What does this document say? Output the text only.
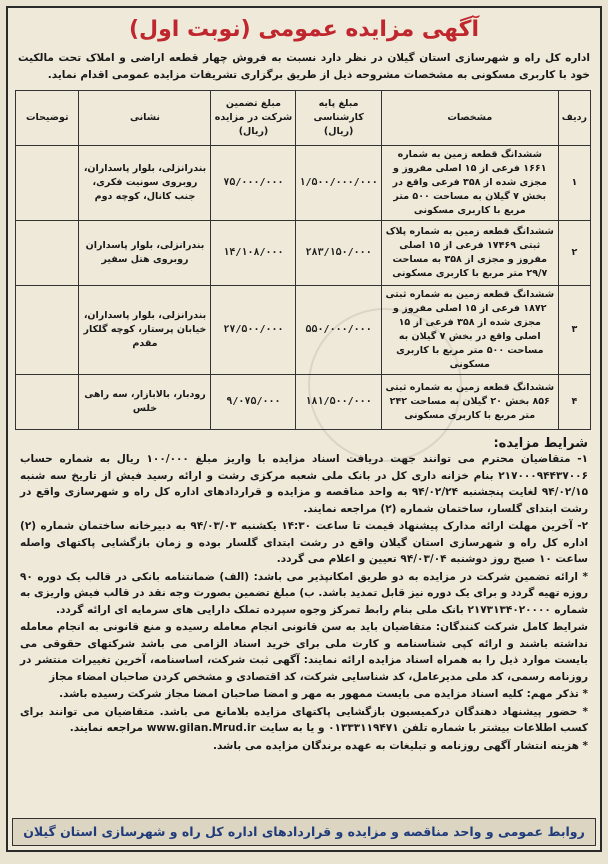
آگهی مزایده عمومی (نوبت اول)
اداره کل راه و شهرسازی استان گیلان در نظر دارد نسبت به فروش چهار قطعه اراضی و املاک تحت مالکیت خود با کاربری مسکونی به مشخصات مشروحه ذیل از طریق برگزاری تشریفات مزایده عمومی اقدام نماید.
ردیف	مشخصات	مبلغ پایه کارشناسی (ریال)	مبلغ تضمین شرکت در مزایده (ریال)	نشانی	توضیحات
۱	ششدانگ قطعه زمین به شماره ۱۶۶۱ فرعی از ۱۵ اصلی مفروز و مجزی شده از ۳۵۸ فرعی واقع در بخش ۷ گیلان به مساحت ۵۰۰ متر مربع با کاربری مسکونی	۱/۵۰۰/۰۰۰/۰۰۰	۷۵/۰۰۰/۰۰۰	بندرانزلی، بلوار پاسداران، روبروی سونیت فکری، جنب کانال، کوچه دوم	
۲	ششدانگ قطعه زمین به شماره پلاک ثبتی ۱۷۴۶۹ فرعی از ۱۵ اصلی مفروز و مجزی از ۳۵۸ به مساحت ۲۹/۷ متر مربع با کاربری مسکونی	۲۸۳/۱۵۰/۰۰۰	۱۴/۱۰۸/۰۰۰	بندرانزلی، بلوار پاسداران روبروی هتل سفیر	
۳	ششدانگ قطعه زمین به شماره ثبتی ۱۸۷۲ فرعی از ۱۵ اصلی مفروز و مجزی شده از ۳۵۸ فرعی از ۱۵ اصلی واقع در بخش ۷ گیلان به مساحت ۵۰۰ متر مربع با کاربری مسکونی	۵۵۰/۰۰۰/۰۰۰	۲۷/۵۰۰/۰۰۰	بندرانزلی، بلوار پاسداران، خیابان پرستار، کوچه گلکار مقدم	
۴	ششدانگ قطعه زمین به شماره ثبتی ۸۵۶ بخش ۲۰ گیلان به مساحت ۲۴۲ متر مربع با کاربری مسکونی	۱۸۱/۵۰۰/۰۰۰	۹/۰۷۵/۰۰۰	رودبار، بالابازار، سه راهی خلس	
شرایط مزایده:

۱- متقاضیان محترم می توانند جهت دریافت اسناد مزایده با واریز مبلغ ۱۰۰/۰۰۰ ریال به شماره حساب ۲۱۷۰۰۰۹۴۴۳۷۰۰۶ بنام خزانه داری کل در بانک ملی شعبه مرکزی رشت و ارائه رسید فیش از تاریخ سه شنبه ۹۴/۰۲/۱۵ لغایت پنجشنبه ۹۴/۰۲/۲۴ به واحد مناقصه و مزایده و قراردادهای اداره کل راه و شهرسازی واقع در رشت ابتدای گلسار، ساختمان شماره (۲) مراجعه نمایند.

۲- آخرین مهلت ارائه مدارک پیشنهاد قیمت تا ساعت ۱۴:۳۰ یکشنبه ۹۴/۰۳/۰۳ به دبیرخانه ساختمان شماره (۲) اداره کل راه و شهرسازی استان گیلان واقع در رشت ابتدای گلسار بوده و زمان بازگشایی پاکتهای واصله ساعت ۱۰ صبح روز دوشنبه ۹۴/۰۳/۰۴ تعیین و اعلام می گردد.

* ارائه تضمین شرکت در مزایده به دو طریق امکانپذیر می باشد: (الف) ضمانتنامه بانکی در قالب یک دوره ۹۰ روزه تهیه گردد و برای یک دوره نیز قابل تمدید باشد. ب) مبلغ تضمین بصورت وجه نقد در قالب فیش واریزی به شماره ۲۱۷۳۱۳۴۰۲۰۰۰۰ بانک ملی بنام رابط تمرکز وجوه سپرده تملک دارایی های سرمایه ای ارائه گردد.

شرایط کامل شرکت کنندگان: متقاضیان باید به سن قانونی انجام معامله رسیده و منع قانونی به انجام معامله نداشته باشند و ارائه کپی شناسنامه و کارت ملی برای خرید اسناد الزامی می باشد شرکتهای حقوقی می بایست موارد ذیل را به همراه اسناد مزایده ارائه نمایند: آگهی ثبت شرکت، اساسنامه، آخرین تغییرات منتشر در روزنامه رسمی، کد ملی مدیرعامل، کد شناسایی شرکت، کد اقتصادی و مشخص کردن صاحبان امضاء مجاز

* تذکر مهم: کلیه اسناد مزایده می بایست ممهور به مهر و امضا صاحبان امضا مجاز شرکت رسیده باشد.

* حضور پیشنهاد دهندگان درکمیسیون بازگشایی پاکتهای مزایده بلامانع می باشد. متقاضیان می توانند برای کسب اطلاعات بیشتر با شماره تلفن ۰۱۳۳۳۱۱۹۴۷۱ و یا به سایت www.gilan.Mrud.ir مراجعه نمایند.

* هزینه انتشار آگهی روزنامه و تبلیغات به عهده برندگان مزایده می باشد.

روابط عمومی و واحد مناقصه و مزایده و قراردادهای اداره کل راه و شهرسازی استان گیلان
